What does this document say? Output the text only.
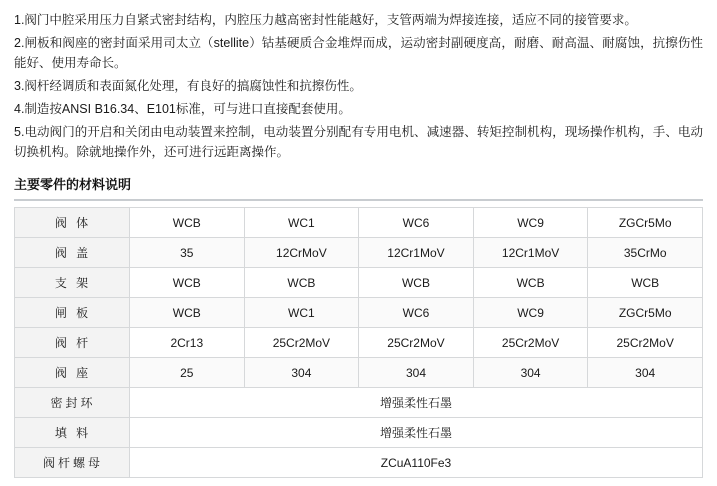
1.阀门中腔采用压力自紧式密封结构，内腔压力越高密封性能越好，支管两端为焊接连接，适应不同的接管要求。

2.闸板和阀座的密封面采用司太立（stellite）钴基硬质合金堆焊而成，运动密封副硬度高，耐磨、耐高温、耐腐蚀，抗擦伤性能好、使用寿命长。

3.阀杆经调质和表面氮化处理，有良好的搞腐蚀性和抗擦伤性。

4.制造按ANSI B16.34、E101标准，可与进口直接配套使用。

5.电动阀门的开启和关闭由电动装置来控制，电动装置分别配有专用电机、减速器、转矩控制机构，现场操作机构，手、电动切换机构。除就地操作外，还可进行远距离操作。

主要零件的材料说明
阀 体	WCB	WC1	WC6	WC9	ZGCr5Mo
阀 盖	35	12CrMoV	12Cr1MoV	12Cr1MoV	35CrMo
支 架	WCB	WCB	WCB	WCB	WCB
闸 板	WCB	WC1	WC6	WC9	ZGCr5Mo
阀 杆	2Cr13	25Cr2MoV	25Cr2MoV	25Cr2MoV	25Cr2MoV
阀 座	25	304	304	304	304
密封环	增强柔性石墨				
填 料	增强柔性石墨				
阀杆螺母	ZCuA110Fe3				
